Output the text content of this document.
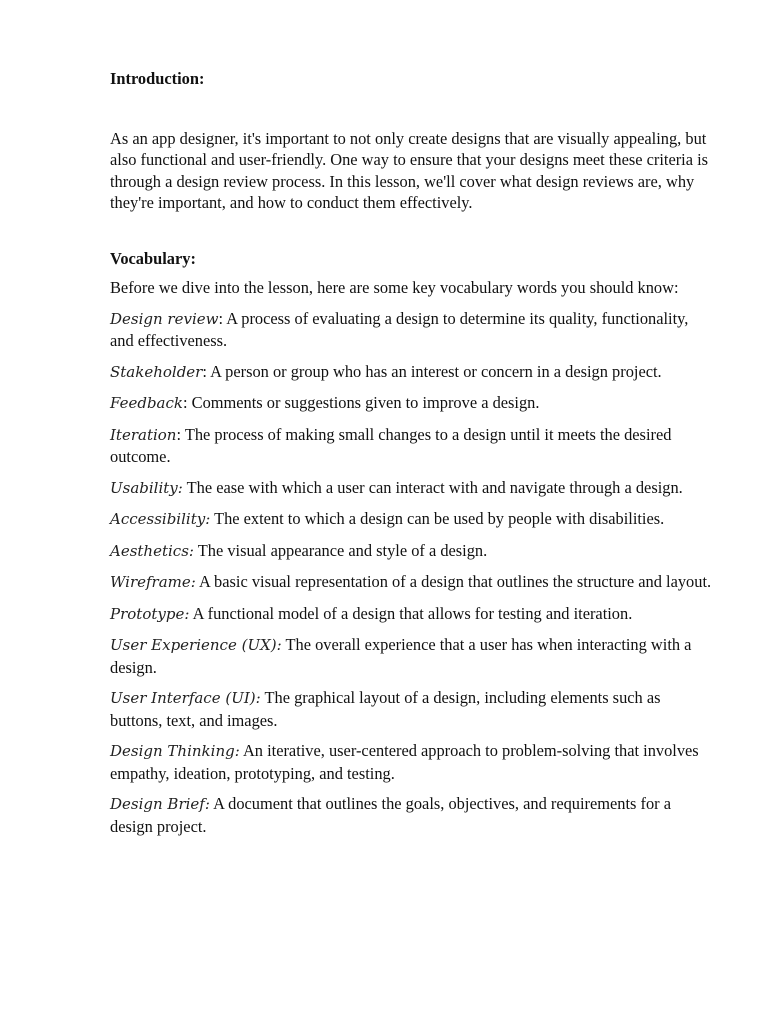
Introduction:

As an app designer, it's important to not only create designs that are visually appealing, but also functional and user-friendly. One way to ensure that your designs meet these criteria is through a design review process. In this lesson, we'll cover what design reviews are, why they're important, and how to conduct them effectively.

Vocabulary:

Before we dive into the lesson, here are some key vocabulary words you should know:

Design review: A process of evaluating a design to determine its quality, functionality, and effectiveness.

Stakeholder: A person or group who has an interest or concern in a design project.

Feedback: Comments or suggestions given to improve a design.

Iteration: The process of making small changes to a design until it meets the desired outcome.

Usability: The ease with which a user can interact with and navigate through a design.

Accessibility: The extent to which a design can be used by people with disabilities.

Aesthetics: The visual appearance and style of a design.

Wireframe: A basic visual representation of a design that outlines the structure and layout.

Prototype: A functional model of a design that allows for testing and iteration.

User Experience (UX): The overall experience that a user has when interacting with a design.

User Interface (UI): The graphical layout of a design, including elements such as buttons, text, and images.

Design Thinking: An iterative, user-centered approach to problem-solving that involves empathy, ideation, prototyping, and testing.

Design Brief: A document that outlines the goals, objectives, and requirements for a design project.
